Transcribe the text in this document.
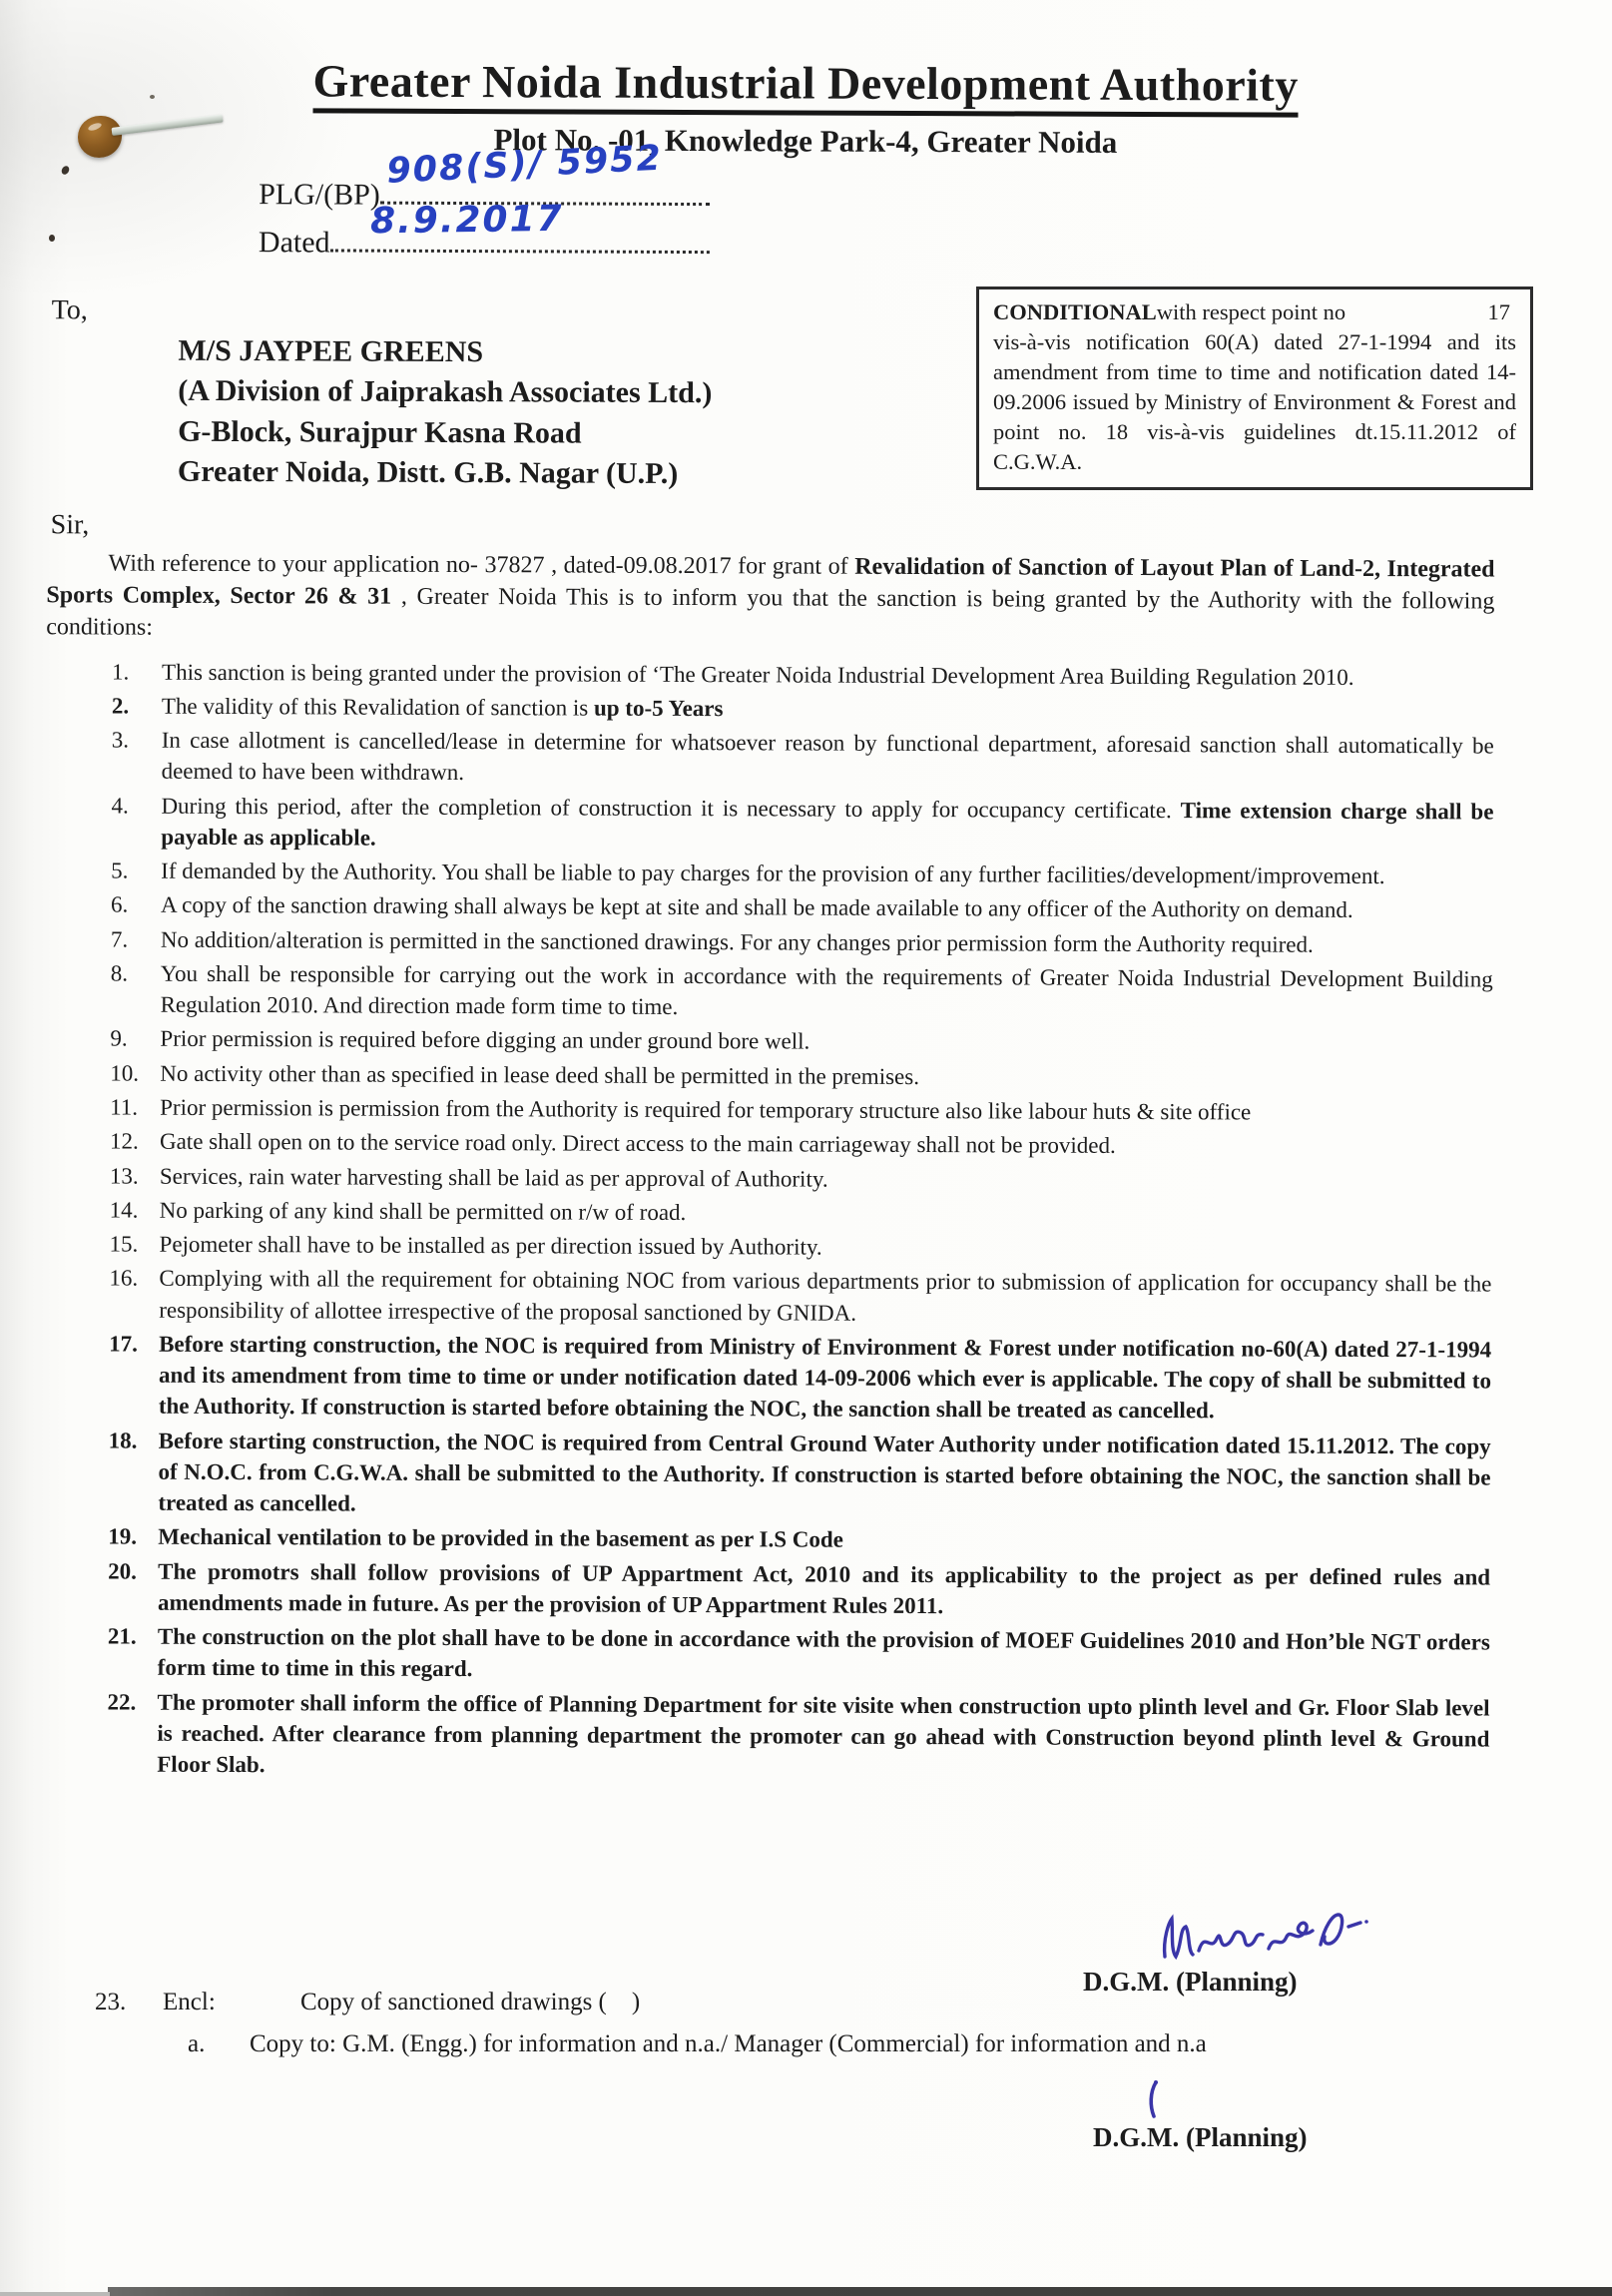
Greater Noida Industrial Development Authority
Plot No. -01, Knowledge Park-4, Greater Noida
PLG/(BP)
908(S)/ 5952
Dated
8.9.2017
To,
M/S JAYPEE GREENS
(A Division of Jaiprakash Associates Ltd.)
G-Block, Surajpur Kasna Road
Greater Noida, Distt. G.B. Nagar (U.P.)
Sir,
With reference to your application no- 37827 , dated-09.08.2017 for grant of Revalidation of Sanction of Layout Plan of Land-2, Integrated Sports Complex, Sector 26 & 31 , Greater Noida This is to inform you that the sanction is being granted by the Authority with the following conditions:
1.	This sanction is being granted under the provision of ‘The Greater Noida Industrial Development Area Building Regulation 2010.
2.	The validity of this Revalidation of sanction is up to-5 Years
3.	In case allotment is cancelled/lease in determine for whatsoever reason by functional department, aforesaid sanction shall automatically be deemed to have been withdrawn.
4.	During this period, after the completion of construction it is necessary to apply for occupancy certificate. Time extension charge shall be payable as applicable.
5.	If demanded by the Authority. You shall be liable to pay charges for the provision of any further facilities/development/improvement.
6.	A copy of the sanction drawing shall always be kept at site and shall be made available to any officer of the Authority on demand.
7.	No addition/alteration is permitted in the sanctioned drawings. For any changes prior permission form the Authority required.
8.	You shall be responsible for carrying out the work in accordance with the requirements of Greater Noida Industrial Development Building Regulation 2010. And direction made form time to time.
9.	Prior permission is required before digging an under ground bore well.
10. No activity other than as specified in lease deed shall be permitted in the premises.
11. Prior permission is permission from the Authority is required for temporary structure also like labour huts & site office
12. Gate shall open on to the service road only. Direct access to the main carriageway shall not be provided.
13. Services, rain water harvesting shall be laid as per approval of Authority.
14. No parking of any kind shall be permitted on r/w of road.
15. Pejometer shall have to be installed as per direction issued by Authority.
16. Complying with all the requirement for obtaining NOC from various departments prior to submission of application for occupancy shall be the responsibility of allottee irrespective of the proposal sanctioned by GNIDA.
17. Before starting construction, the NOC is required from Ministry of Environment & Forest under notification no-60(A) dated 27-1-1994 and its amendment from time to time or under notification dated 14-09-2006 which ever is applicable. The copy of shall be submitted to the Authority. If construction is started before obtaining the NOC, the sanction shall be treated as cancelled.
18. Before starting construction, the NOC is required from Central Ground Water Authority under notification dated 15.11.2012. The copy of N.O.C. from C.G.W.A. shall be submitted to the Authority. If construction is started before obtaining the NOC, the sanction shall be treated as cancelled.
19. Mechanical ventilation to be provided in the basement as per I.S Code
20. The promotrs shall follow provisions of UP Appartment Act, 2010 and its applicability to the project as per defined rules and amendments made in future. As per the provision of UP Appartment Rules 2011.
21. The construction on the plot shall have to be done in accordance with the provision of MOEF Guidelines 2010 and Hon’ble NGT orders form time to time in this regard.
22. The promoter shall inform the office of Planning Department for site visite when construction upto plinth level and Gr. Floor Slab level is reached. After clearance from planning department the promoter can go ahead with Construction beyond plinth level & Ground Floor Slab.
CONDITIONAL with respect point no	17
vis-à-vis notification 60(A) dated 27-1-1994 and its amendment from time to time and notification dated 14-09.2006 issued by Ministry of Environment & Forest and point no. 18 vis-à-vis guidelines dt.15.11.2012 of C.G.W.A.
D.G.M. (Planning)
23. Encl:	Copy of sanctioned drawings (    )
a. Copy to: G.M. (Engg.) for information and n.a./ Manager (Commercial) for information and n.a
D.G.M. (Planning)
